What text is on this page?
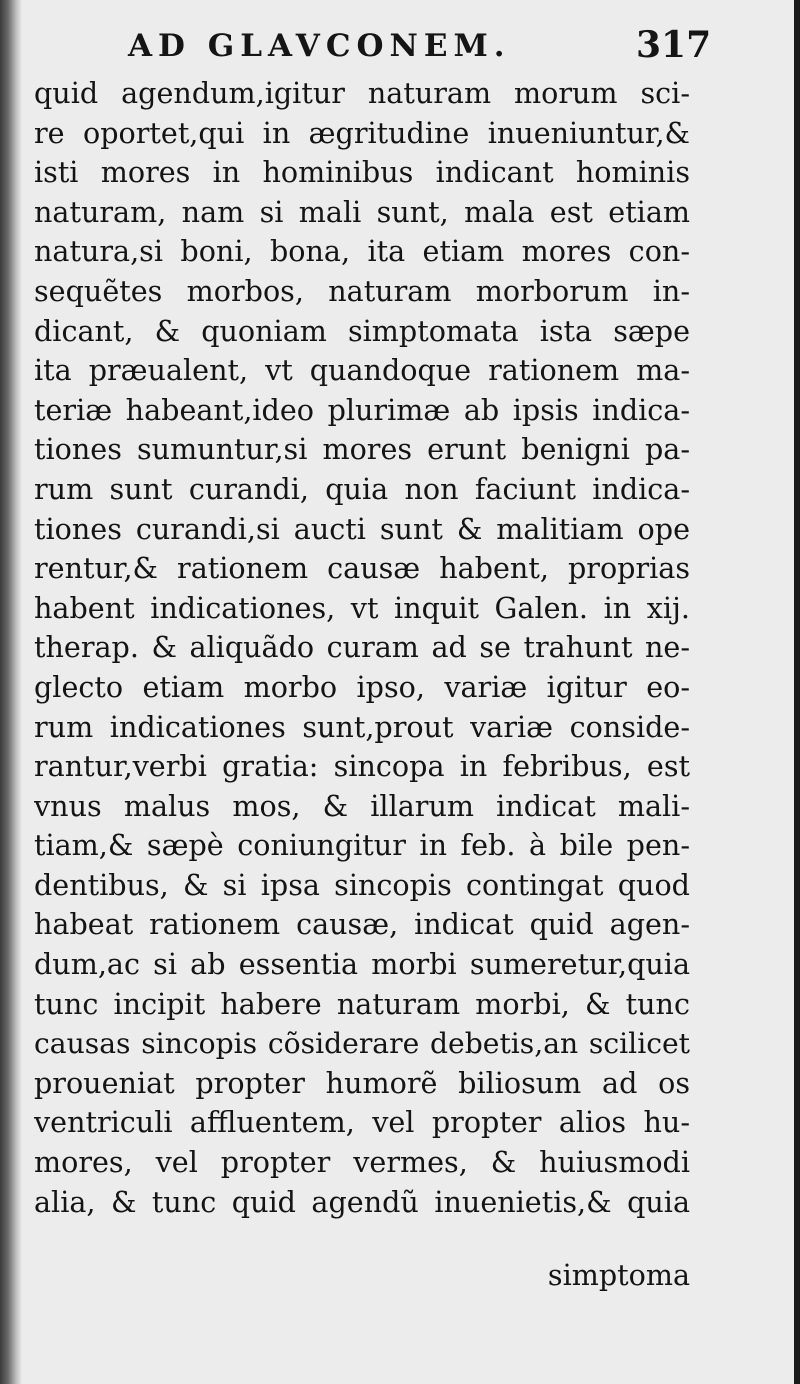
AD GLAVCONEM.	317
quid agendum,igitur naturam morum sci-
re oportet,qui in ægritudine inueniuntur,&
isti mores in hominibus indicant hominis
naturam, nam si mali sunt, mala est etiam
natura,si boni, bona, ita etiam mores con-
sequẽtes morbos, naturam morborum in-
dicant, & quoniam simptomata ista sæpe
ita præualent, vt quandoque rationem ma-
teriæ habeant,ideo plurimæ ab ipsis indica-
tiones sumuntur,si mores erunt benigni pa-
rum sunt curandi, quia non faciunt indica-
tiones curandi,si aucti sunt & malitiam ope
rentur,& rationem causæ habent, proprias
habent indicationes, vt inquit Galen. in xij.
therap. & aliquãdo curam ad se trahunt ne-
glecto etiam morbo ipso, variæ igitur eo-
rum indicationes sunt,prout variæ conside-
rantur,verbi gratia: sincopa in febribus, est
vnus malus mos, & illarum indicat mali-
tiam,& sæpè coniungitur in feb. à bile pen-
dentibus, & si ipsa sincopis contingat quod
habeat rationem causæ, indicat quid agen-
dum,ac si ab essentia morbi sumeretur,quia
tunc incipit habere naturam morbi, & tunc
causas sincopis cõsiderare debetis,an scilicet
proueniat propter humorẽ biliosum ad os
ventriculi affluentem, vel propter alios hu-
mores, vel propter vermes, & huiusmodi
alia, & tunc quid agendũ inuenietis,& quia
simptoma
